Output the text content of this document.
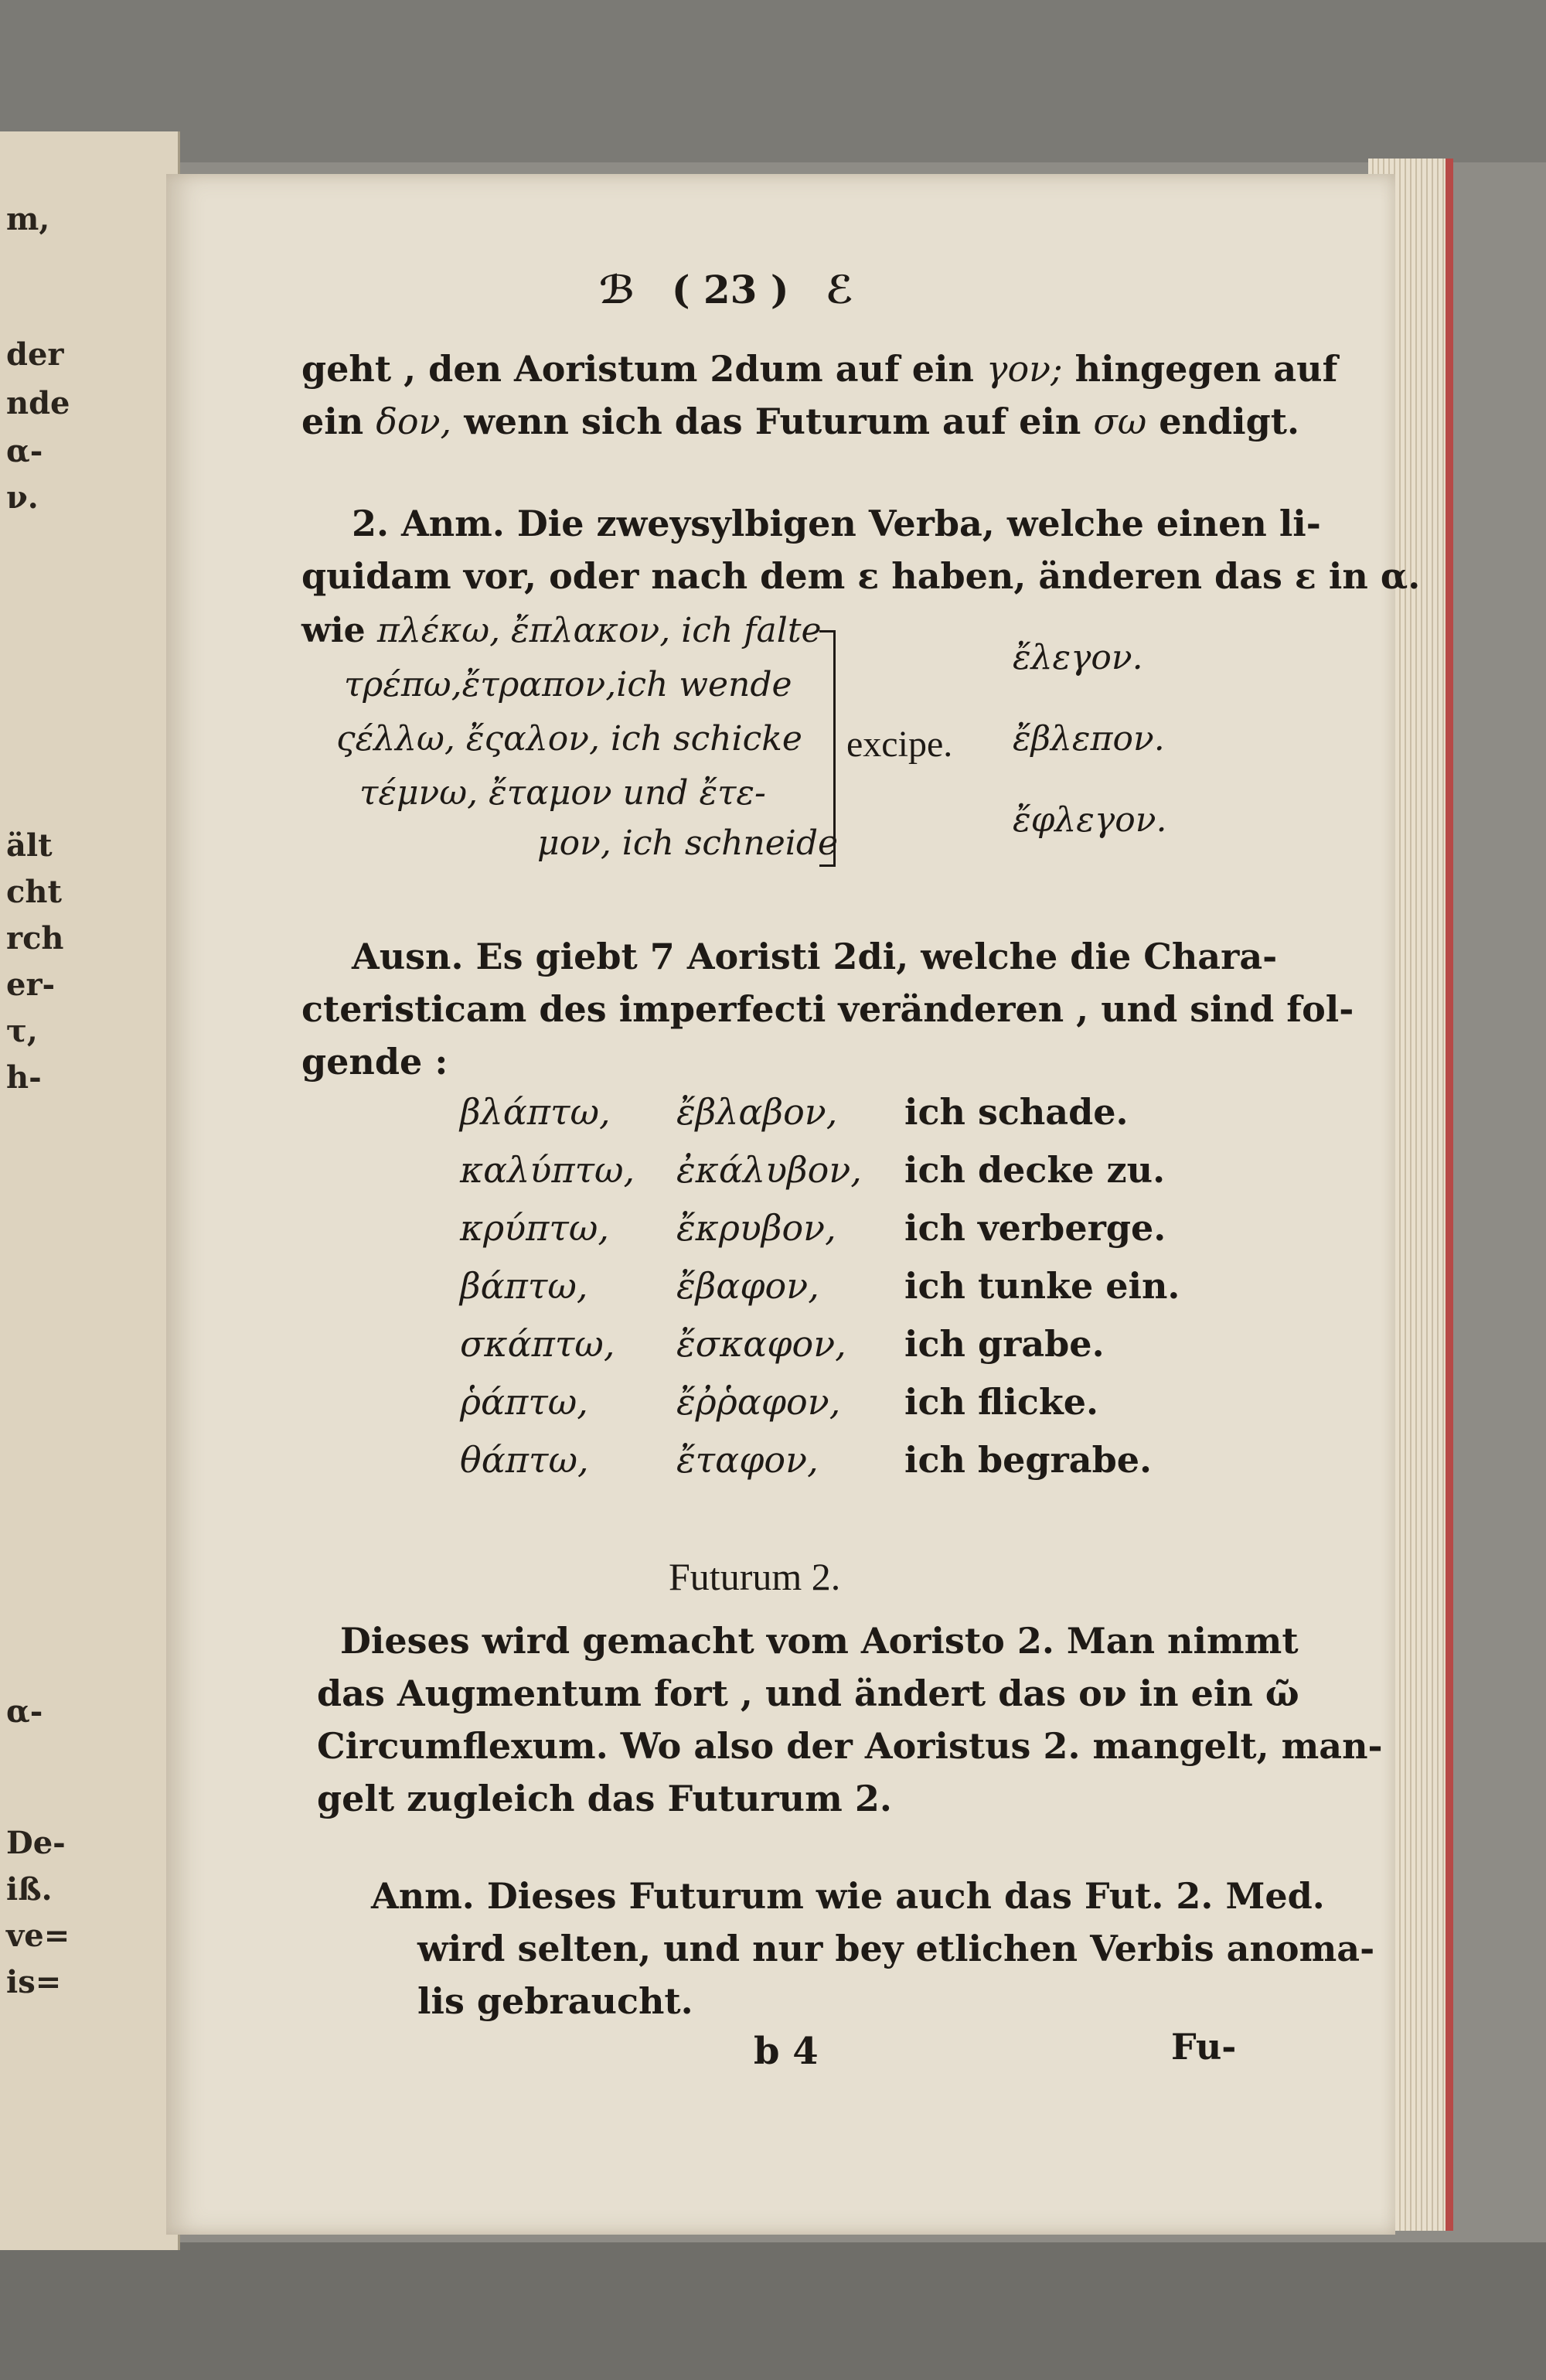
m,
der
nde
α-
ν.
ält
cht
rch
er-
τ,
h-
α-
De-
iß.
ve=
is=
ℬ ( 23 ) ℰ
geht , den Aoristum 2dum auf ein γον; hingegen auf
ein δον, wenn sich das Futurum auf ein σω endigt.
2. Anm. Die zweysylbigen Verba, welche einen li-
quidam vor, oder nach dem ε haben, änderen das ε in α.
wie πλέκω, ἔπλακον, ich falte
τρέπω,ἔτραπον,ich wende
ςέλλω, ἔςαλον, ich schicke
τέμνω, ἔταμον und ἔτε-
μον, ich schneide
excipe.
ἔλεγον.
ἔβλεπον.
ἔφλεγον.
Ausn. Es giebt 7 Aoristi 2di, welche die Chara-
cteristicam des imperfecti veränderen , und sind fol-
gende :
βλάπτω,	ἔβλαβον,	ich schade.
καλύπτω,	ἐκάλυβον,	ich decke zu.
κρύπτω,	ἔκρυβον,	ich verberge.
βάπτω,	ἔβαφον,	ich tunke ein.
σκάπτω,	ἔσκαφον,	ich grabe.
ῥάπτω,	ἔῤῥαφον,	ich flicke.
θάπτω,	ἔταφον,	ich begrabe.
Futurum 2.
Dieses wird gemacht vom Aoristo 2. Man nimmt
das Augmentum fort , und ändert das ον in ein ῶ
Circumflexum. Wo also der Aoristus 2. mangelt, man-
gelt zugleich das Futurum 2.
Anm. Dieses Futurum wie auch das Fut. 2. Med.
wird selten, und nur bey etlichen Verbis anoma-
lis gebraucht.
b 4	Fu-
